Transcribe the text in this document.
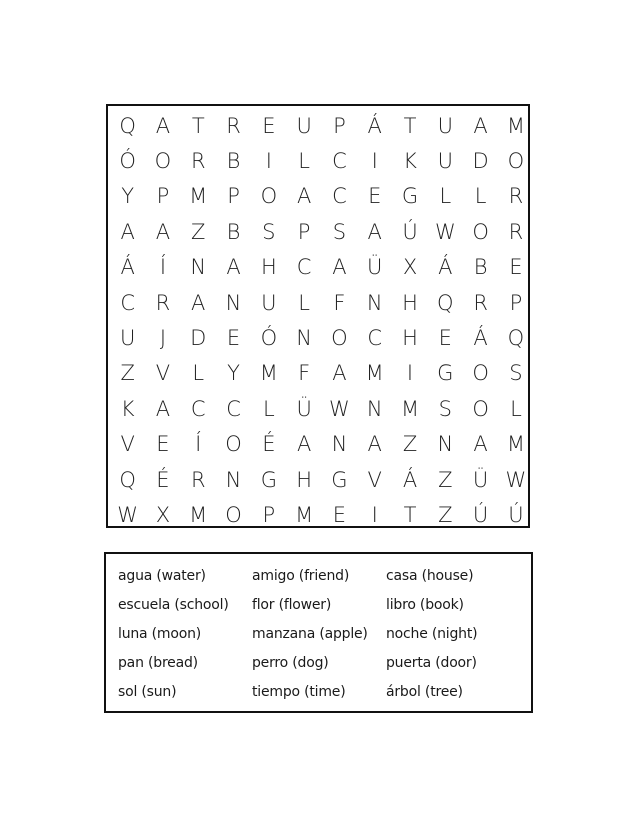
Q A	T	R	E U	P	Á	T	U A M
Ó O R	B	I	L	C	I	K U D O
Y	P M P O A C	E G	L	L	R
A A Z	B	S	P	S	A Ú W O R
Á	Í	N A H C A Ü X Á	B	E
C R A N U	L	F	N H Q R	P
U	J	D E Ó N O C H E	Á Q
Z V	L	Y M F	A M	I	G O S
K	A C C	L	Ü W N M S O	L
V	E	Í	O É	A N A Z N A M
Q É	R N G H G V Á Z Ü W
W X M O P M E	I	T	Z Ú Ú
agua (water)	amigo (friend)	casa (house)
escuela (school)	flor (flower)	libro (book)
luna (moon)	manzana (apple)	noche (night)
pan (bread)	perro (dog)	puerta (door)
sol (sun)	tiempo (time)	árbol (tree)
